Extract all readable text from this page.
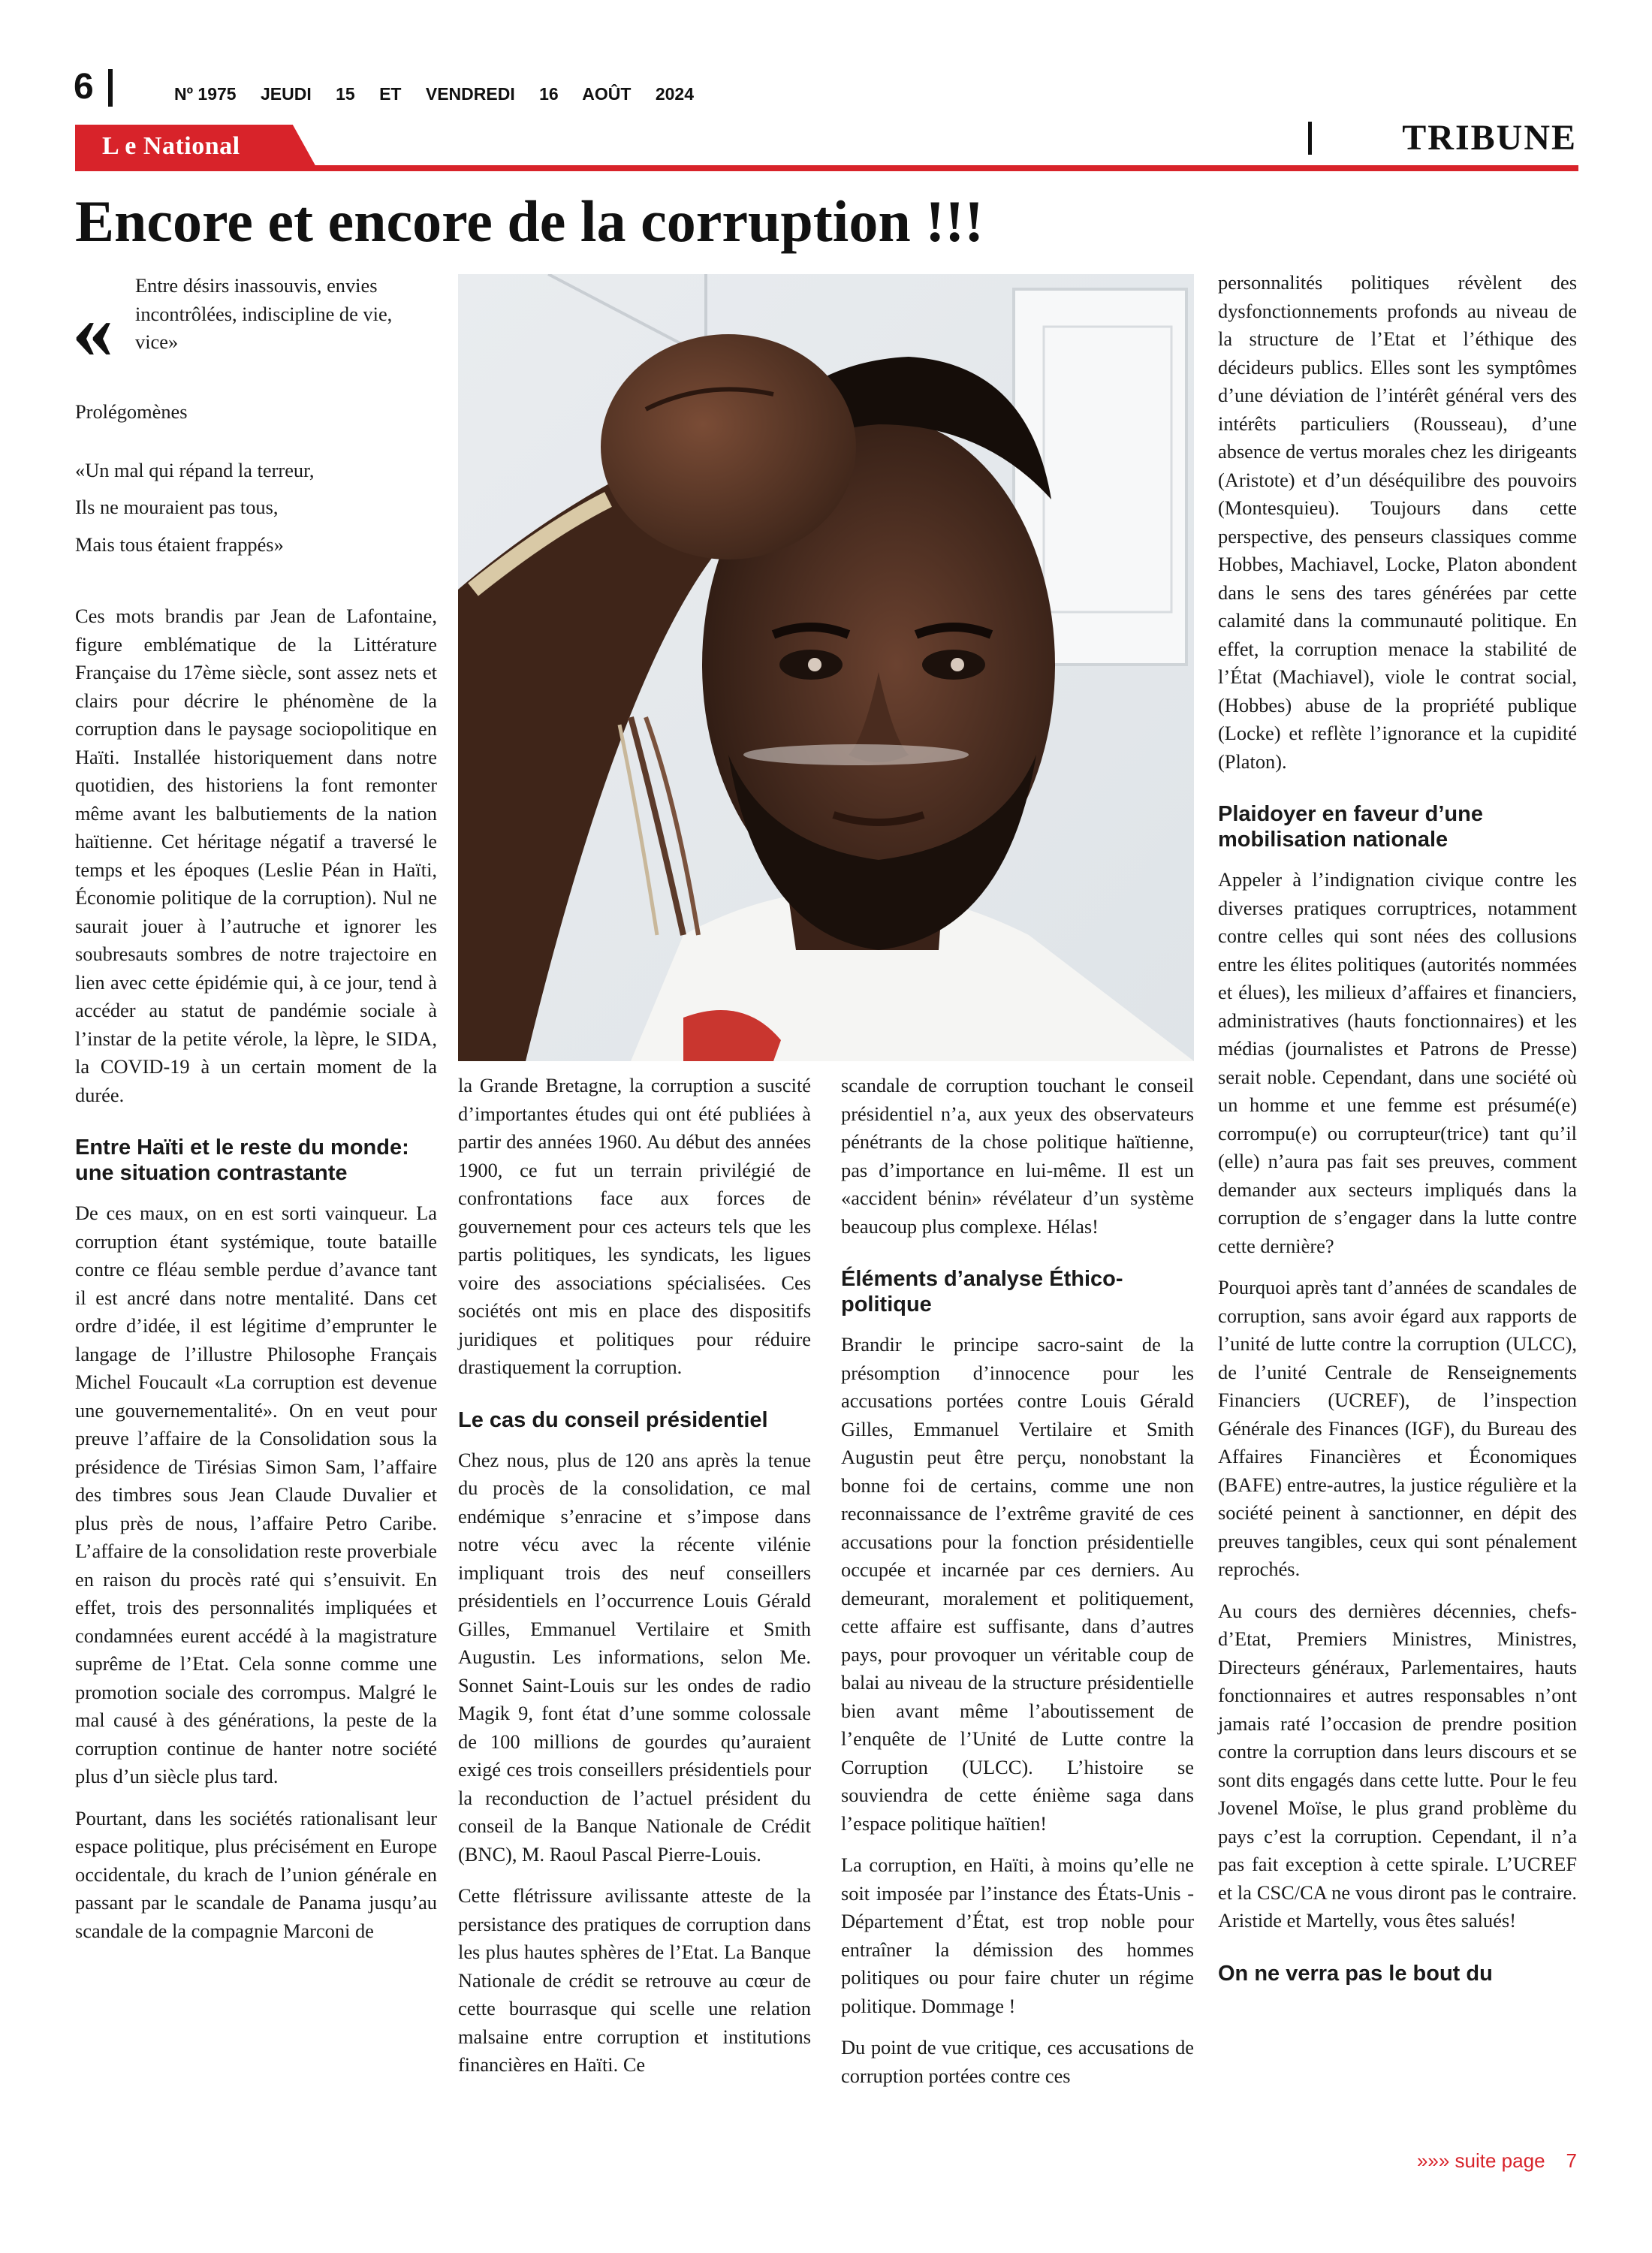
6	Nº 1975 JEUDI 15 ET VENDREDI 16 AOÛT 2024
L e National	TRIBUNE
Encore et encore de la corruption !!!
« Entre désirs inassouvis, envies incontrôlées, indiscipline de vie, vice»

Prolégomènes

«Un mal qui répand la terreur,

Ils ne mouraient pas tous,

Mais tous étaient frappés»

Ces mots brandis par Jean de Lafontaine, figure emblématique de la Littérature Française du 17ème siècle, sont assez nets et clairs pour décrire le phénomène de la corruption dans le paysage sociopolitique en Haïti. Installée historiquement dans notre quotidien, des historiens la font remonter même avant les balbutiements de la nation haïtienne. Cet héritage négatif a traversé le temps et les époques (Leslie Péan in Haïti, Économie politique de la corruption). Nul ne saurait jouer à l’autruche et ignorer les soubresauts sombres de notre trajectoire en lien avec cette épidémie qui, à ce jour, tend à accéder au statut de pandémie sociale à l’instar de la petite vérole, la lèpre, le SIDA, la COVID-19 à un certain moment de la durée.

Entre Haïti et le reste du monde: une situation contrastante

De ces maux, on en est sorti vainqueur. La corruption étant systémique, toute bataille contre ce fléau semble perdue d’avance tant il est ancré dans notre mentalité. Dans cet ordre d’idée, il est légitime d’emprunter le langage de l’illustre Philosophe Français Michel Foucault «La corruption est devenue une gouvernementalité». On en veut pour preuve l’affaire de la Consolidation sous la présidence de Tirésias Simon Sam, l’affaire des timbres sous Jean Claude Duvalier et plus près de nous, l’affaire Petro Caribe. L’affaire de la consolidation reste proverbiale en raison du procès raté qui s’ensuivit. En effet, trois des personnalités impliquées et condamnées eurent accédé à la magistrature suprême de l’Etat. Cela sonne comme une promotion sociale des corrompus. Malgré le mal causé à des générations, la peste de la corruption continue de hanter notre société plus d’un siècle plus tard.

Pourtant, dans les sociétés rationalisant leur espace politique, plus précisément en Europe occidentale, du krach de l’union générale en passant par le scandale de Panama jusqu’au scandale de la compagnie Marconi de

la Grande Bretagne, la corruption a suscité d’importantes études qui ont été publiées à partir des années 1960. Au début des années 1900, ce fut un terrain privilégié de confrontations face aux forces de gouvernement pour ces acteurs tels que les partis politiques, les syndicats, les ligues voire des associations spécialisées. Ces sociétés ont mis en place des dispositifs juridiques et politiques pour réduire drastiquement la corruption.

Le cas du conseil présidentiel

Chez nous, plus de 120 ans après la tenue du procès de la consolidation, ce mal endémique s’enracine et s’impose dans notre vécu avec la récente vilénie impliquant trois des neuf conseillers présidentiels en l’occurrence Louis Gérald Gilles, Emmanuel Vertilaire et Smith Augustin. Les informations, selon Me. Sonnet Saint-Louis sur les ondes de radio Magik 9, font état d’une somme colossale de 100 millions de gourdes qu’auraient exigé ces trois conseillers présidentiels pour la reconduction de l’actuel président du conseil de la Banque Nationale de Crédit (BNC), M. Raoul Pascal Pierre-Louis.

Cette flétrissure avilissante atteste de la persistance des pratiques de corruption dans les plus hautes sphères de l’Etat. La Banque Nationale de crédit se retrouve au cœur de cette bourrasque qui scelle une relation malsaine entre corruption et institutions financières en Haïti. Ce

scandale de corruption touchant le conseil présidentiel n’a, aux yeux des observateurs pénétrants de la chose politique haïtienne, pas d’importance en lui-même. Il est un «accident bénin» révélateur d’un système beaucoup plus complexe. Hélas!

Éléments d’analyse Éthico-politique

Brandir le principe sacro-saint de la présomption d’innocence pour les accusations portées contre Louis Gérald Gilles, Emmanuel Vertilaire et Smith Augustin peut être perçu, nonobstant la bonne foi de certains, comme une non reconnaissance de l’extrême gravité de ces accusations pour la fonction présidentielle occupée et incarnée par ces derniers. Au demeurant, moralement et politiquement, cette affaire est suffisante, dans d’autres pays, pour provoquer un véritable coup de balai au niveau de la structure présidentielle bien avant même l’aboutissement de l’enquête de l’Unité de Lutte contre la Corruption (ULCC). L’histoire se souviendra de cette énième saga dans l’espace politique haïtien!

La corruption, en Haïti, à moins qu’elle ne soit imposée par l’instance des États-Unis - Département d’État, est trop noble pour entraîner la démission des hommes politiques ou pour faire chuter un régime politique. Dommage !

Du point de vue critique, ces accusations de corruption portées contre ces

personnalités politiques révèlent des dysfonctionnements profonds au niveau de la structure de l’Etat et l’éthique des décideurs publics. Elles sont les symptômes d’une déviation de l’intérêt général vers des intérêts particuliers (Rousseau), d’une absence de vertus morales chez les dirigeants (Aristote) et d’un déséquilibre des pouvoirs (Montesquieu). Toujours dans cette perspective, des penseurs classiques comme Hobbes, Machiavel, Locke, Platon abondent dans le sens des tares générées par cette calamité dans la communauté politique. En effet, la corruption menace la stabilité de l’État (Machiavel), viole le contrat social, (Hobbes) abuse de la propriété publique (Locke) et reflète l’ignorance et la cupidité (Platon).

Plaidoyer en faveur d’une mobilisation nationale

Appeler à l’indignation civique contre les diverses pratiques corruptrices, notamment contre celles qui sont nées des collusions entre les élites politiques (autorités nommées et élues), les milieux d’affaires et financiers, administratives (hauts fonctionnaires) et les médias (journalistes et Patrons de Presse) serait noble. Cependant, dans une société où un homme et une femme est présumé(e) corrompu(e) ou corrupteur(trice) tant qu’il (elle) n’aura pas fait ses preuves, comment demander aux secteurs impliqués dans la corruption de s’engager dans la lutte contre cette dernière?

Pourquoi après tant d’années de scandales de corruption, sans avoir égard aux rapports de l’unité de lutte contre la corruption (ULCC), de l’unité Centrale de Renseignements Financiers (UCREF), de l’inspection Générale des Finances (IGF), du Bureau des Affaires Financières et Économiques (BAFE) entre-autres, la justice régulière et la société peinent à sanctionner, en dépit des preuves tangibles, ceux qui sont pénalement reprochés.

Au cours des dernières décennies, chefs-d’Etat, Premiers Ministres, Ministres, Directeurs généraux, Parlementaires, hauts fonctionnaires et autres responsables n’ont jamais raté l’occasion de prendre position contre la corruption dans leurs discours et se sont dits engagés dans cette lutte. Pour le feu Jovenel Moïse, le plus grand problème du pays c’est la corruption. Cependant, il n’a pas fait exception à cette spirale. L’UCREF et la CSC/CA ne vous diront pas le contraire. Aristide et Martelly, vous êtes salués!

On ne verra pas le bout du
»»» suite page 7
